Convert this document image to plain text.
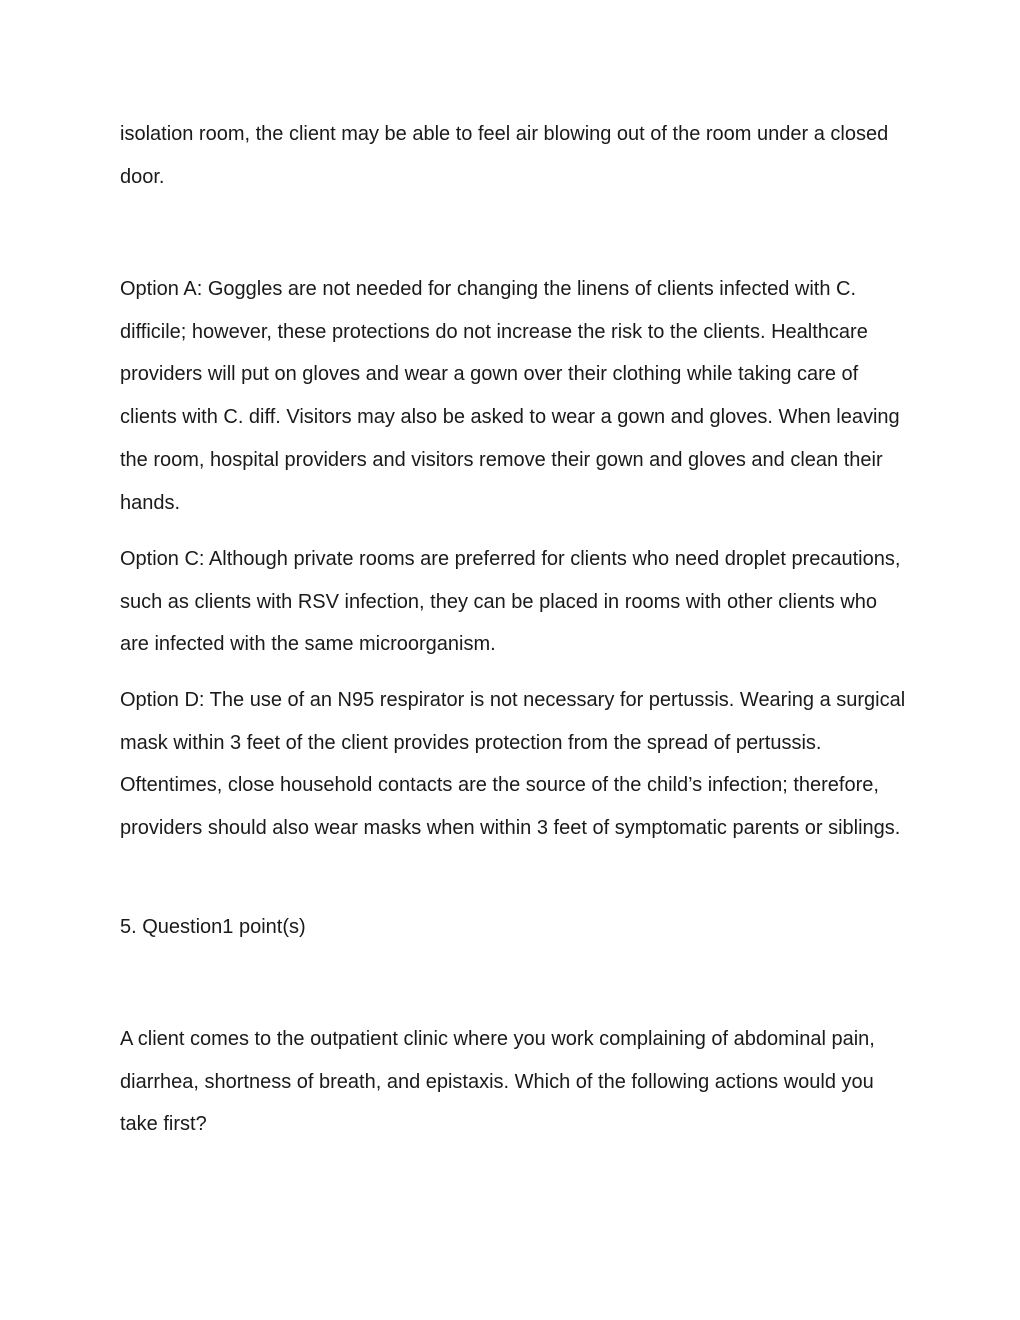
isolation room, the client may be able to feel air blowing out of the room under a closed door.

Option A: Goggles are not needed for changing the linens of clients infected with C. difficile; however, these protections do not increase the risk to the clients. Healthcare providers will put on gloves and wear a gown over their clothing while taking care of clients with C. diff. Visitors may also be asked to wear a gown and gloves. When leaving the room, hospital providers and visitors remove their gown and gloves and clean their hands.

Option C: Although private rooms are preferred for clients who need droplet precautions, such as clients with RSV infection, they can be placed in rooms with other clients who are infected with the same microorganism.

Option D: The use of an N95 respirator is not necessary for pertussis. Wearing a surgical mask within 3 feet of the client provides protection from the spread of pertussis. Oftentimes, close household contacts are the source of the child’s infection; therefore, providers should also wear masks when within 3 feet of symptomatic parents or siblings.

5. Question1 point(s)

A client comes to the outpatient clinic where you work complaining of abdominal pain, diarrhea, shortness of breath, and epistaxis. Which of the following actions would you take first?
